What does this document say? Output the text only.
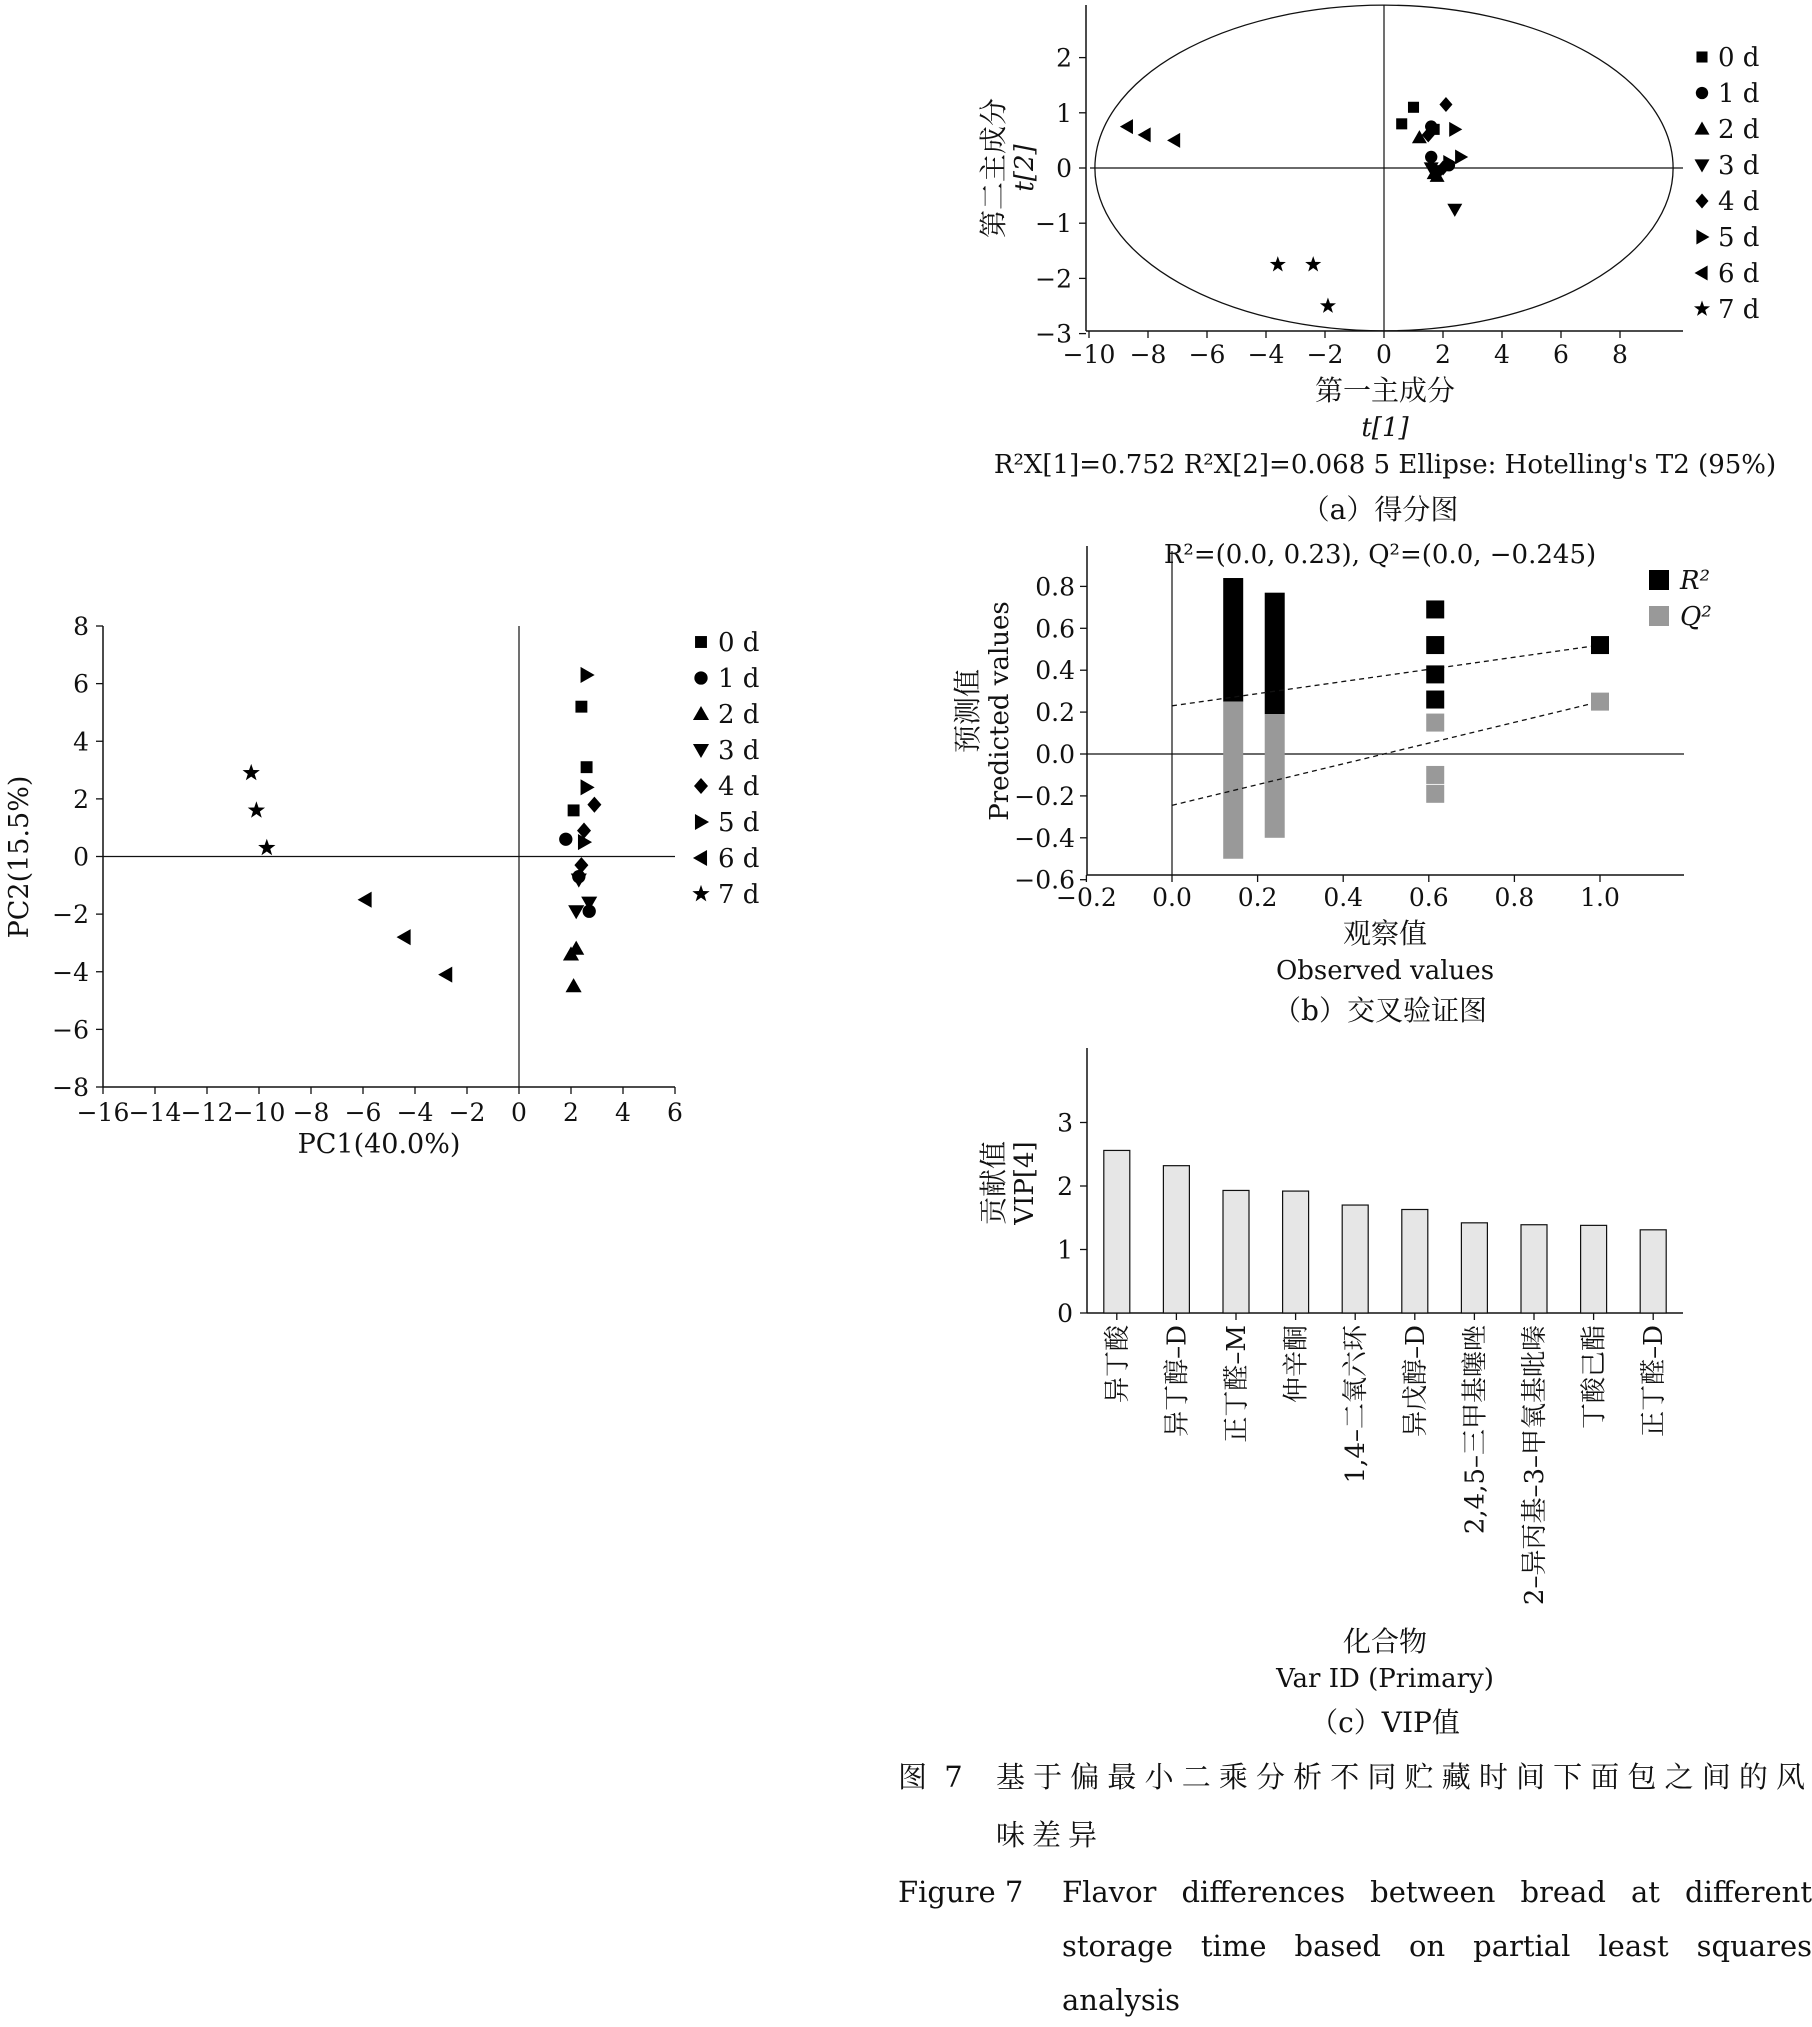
−16 −14 −12 −10 −8 −6 −4 −2 0 2 4 6
−8
−6
−4
−2
0
2
4
6
8
PC1(40.0%)
PC2(15.5%)
0 d
1 d
2 d
3 d
4 d
5 d
6 d
7 d
−10 −8 −6 −4 −2 0 2 4 6 8
−3
−2
−1
0
1
2
第一主成分
t[1]
第二主成分 t[2]
R²X[1]=0.752 R²X[2]=0.068 5 Ellipse: Hotelling's T2 (95%)
（a）得分图
0 d
1 d
2 d
3 d
4 d
5 d
6 d
7 d
−0.2 0.0 0.2 0.4 0.6 0.8 1.0
−0.6
−0.4
−0.2
0.0
0.2
0.4
0.6
0.8
R²=(0.0, 0.23), Q²=(0.0, −0.245)
R²
Q²
观察值
Observed values
预测值 Predicted values
（b）交叉验证图
0
1
2
3
异丁酸 异丁醇–D 正丁醛–M 仲辛酮 1,4–二氧六环 异戊醇–D 2,4,5–三甲基噻唑 2–异丙基–3–甲氧基吡嗪 丁酸己酯 正丁醛–D
贡献值 VIP[4]
化合物
Var ID (Primary)
（c）VIP值
图 7	基于偏最小二乘分析不同贮藏时间下面包之间的风味差异
Figure 7	Flavor differences between bread at different storage time based on partial least squares analysis
